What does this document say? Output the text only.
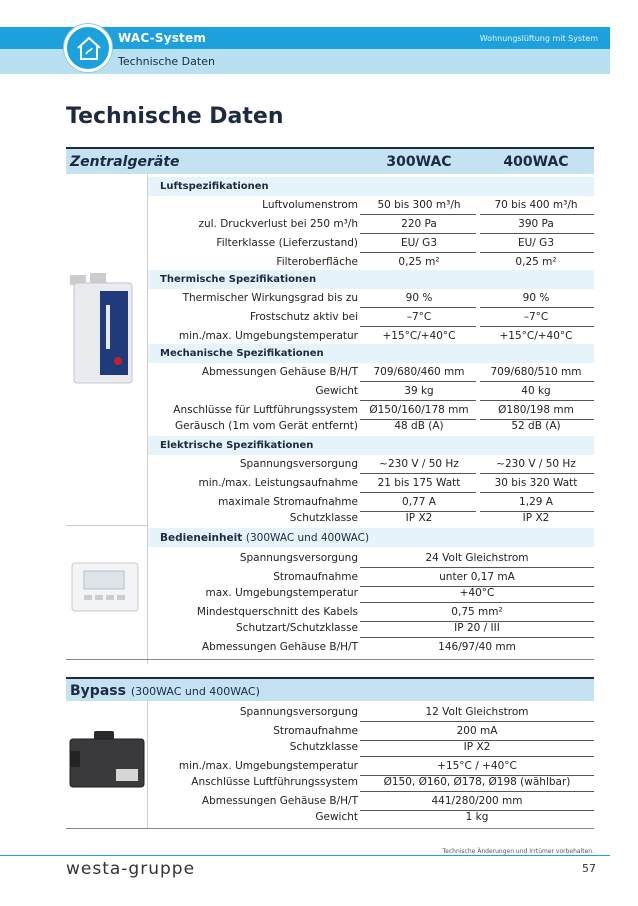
WAC-System	Wohnungslüftung mit System
Technische Daten
Technische Daten
Zentralgeräte	300WAC	400WAC
Luftspezifikationen
Luftvolumenstrom	50 bis 300 m³/h	70 bis 400 m³/h
zul. Druckverlust bei 250 m³/h	220 Pa	390 Pa
Filterklasse (Lieferzustand)	EU/ G3	EU/ G3
Filteroberfläche	0,25 m²	0,25 m²
Thermische Spezifikationen
Thermischer Wirkungsgrad bis zu	90 %	90 %
Frostschutz aktiv bei	–7°C	–7°C
min./max. Umgebungstemperatur	+15°C/+40°C	+15°C/+40°C
Mechanische Spezifikationen
Abmessungen Gehäuse B/H/T	709/680/460 mm	709/680/510 mm
Gewicht	39 kg	40 kg
Anschlüsse für Luftführungssystem	Ø150/160/178 mm	Ø180/198 mm
Geräusch (1m vom Gerät entfernt)	48 dB (A)	52 dB (A)
Elektrische Spezifikationen
Spannungsversorgung	~230 V / 50 Hz	~230 V / 50 Hz
min./max. Leistungsaufnahme	21 bis 175 Watt	30 bis 320 Watt
maximale Stromaufnahme	0,77 A	1,29 A
Schutzklasse	IP X2	IP X2
Bedieneinheit (300WAC und 400WAC)
Spannungsversorgung	24 Volt Gleichstrom
Stromaufnahme	unter 0,17 mA
max. Umgebungstemperatur	+40°C
Mindestquerschnitt des Kabels	0,75 mm²
Schutzart/Schutzklasse	IP 20 / III
Abmessungen Gehäuse B/H/T	146/97/40 mm
Bypass (300WAC und 400WAC)
Spannungsversorgung	12 Volt Gleichstrom
Stromaufnahme	200 mA
Schutzklasse	IP X2
min./max. Umgebungstemperatur	+15°C / +40°C
Anschlüsse Luftführungssystem	Ø150, Ø160, Ø178, Ø198 (wählbar)
Abmessungen Gehäuse B/H/T	441/280/200 mm
Gewicht	1 kg
Technische Änderungen und Irrtümer vorbehalten.
westa-gruppe	57
